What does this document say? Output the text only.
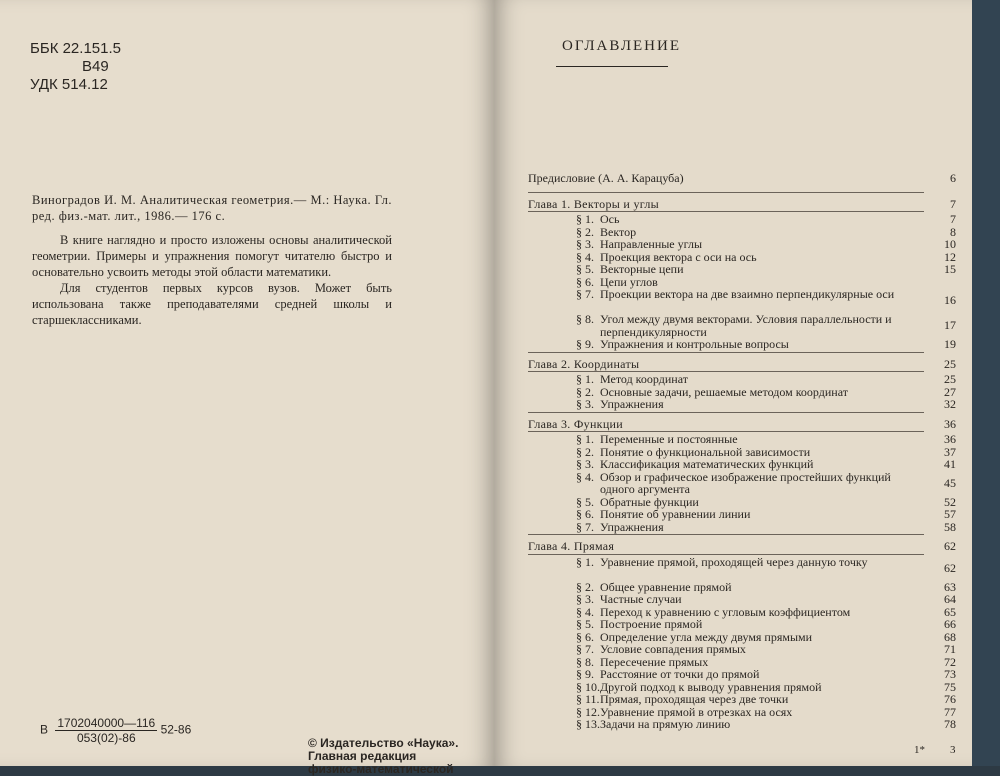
ББК 22.151.5
В49
УДК 514.12

Виноградов И. М. Аналитическая геометрия.— М.: Наука. Гл. ред. физ.-мат. лит., 1986.— 176 с.

В книге наглядно и просто изложены основы аналитической геометрии. Примеры и упражнения помогут читателю быстро и основательно усвоить методы этой области математики.

Для студентов первых курсов вузов. Может быть использована также преподавателями средней школы и старшеклассниками.

В $\frac{1702040000—116}{053(02)-86} 52-86$
© Издательство «Наука».
Главная редакция
физико-математической
ОГЛАВЛЕНИЕ
Предисловие (А. А. Карацуба)	6
Глава 1. Векторы и углы	7
§ 1. Ось	7
§ 2. Вектор	8
§ 3. Направленные углы	10
§ 4. Проекция вектора с оси на ось	12
§ 5. Векторные цепи	15
§ 6. Цепи углов
§ 7. Проекции вектора на две взаимно перпендикулярные оси	16
§ 8. Угол между двумя векторами. Условия параллельности и перпендикулярности	17
§ 9. Упражнения и контрольные вопросы	19
Глава 2. Координаты	25
§ 1. Метод координат	25
§ 2. Основные задачи, решаемые методом координат	27
§ 3. Упражнения	32
Глава 3. Функции	36
§ 1. Переменные и постоянные	36
§ 2. Понятие о функциональной зависимости	37
§ 3. Классификация математических функций	41
§ 4. Обзор и графическое изображение простейших функций одного аргумента	45
§ 5. Обратные функции	52
§ 6. Понятие об уравнении линии	57
§ 7. Упражнения	58
Глава 4. Прямая	62
§ 1. Уравнение прямой, проходящей через данную точку	62
§ 2. Общее уравнение прямой	63
§ 3. Частные случаи	64
§ 4. Переход к уравнению с угловым коэффициентом	65
§ 5. Построение прямой	66
§ 6. Определение угла между двумя прямыми	68
§ 7. Условие совпадения прямых	71
§ 8. Пересечение прямых	72
§ 9. Расстояние от точки до прямой	73
§ 10. Другой подход к выводу уравнения прямой	75
§ 11. Прямая, проходящая через две точки	76
§ 12. Уравнение прямой в отрезках на осях	77
§ 13. Задачи на прямую линию	78
1* 3
